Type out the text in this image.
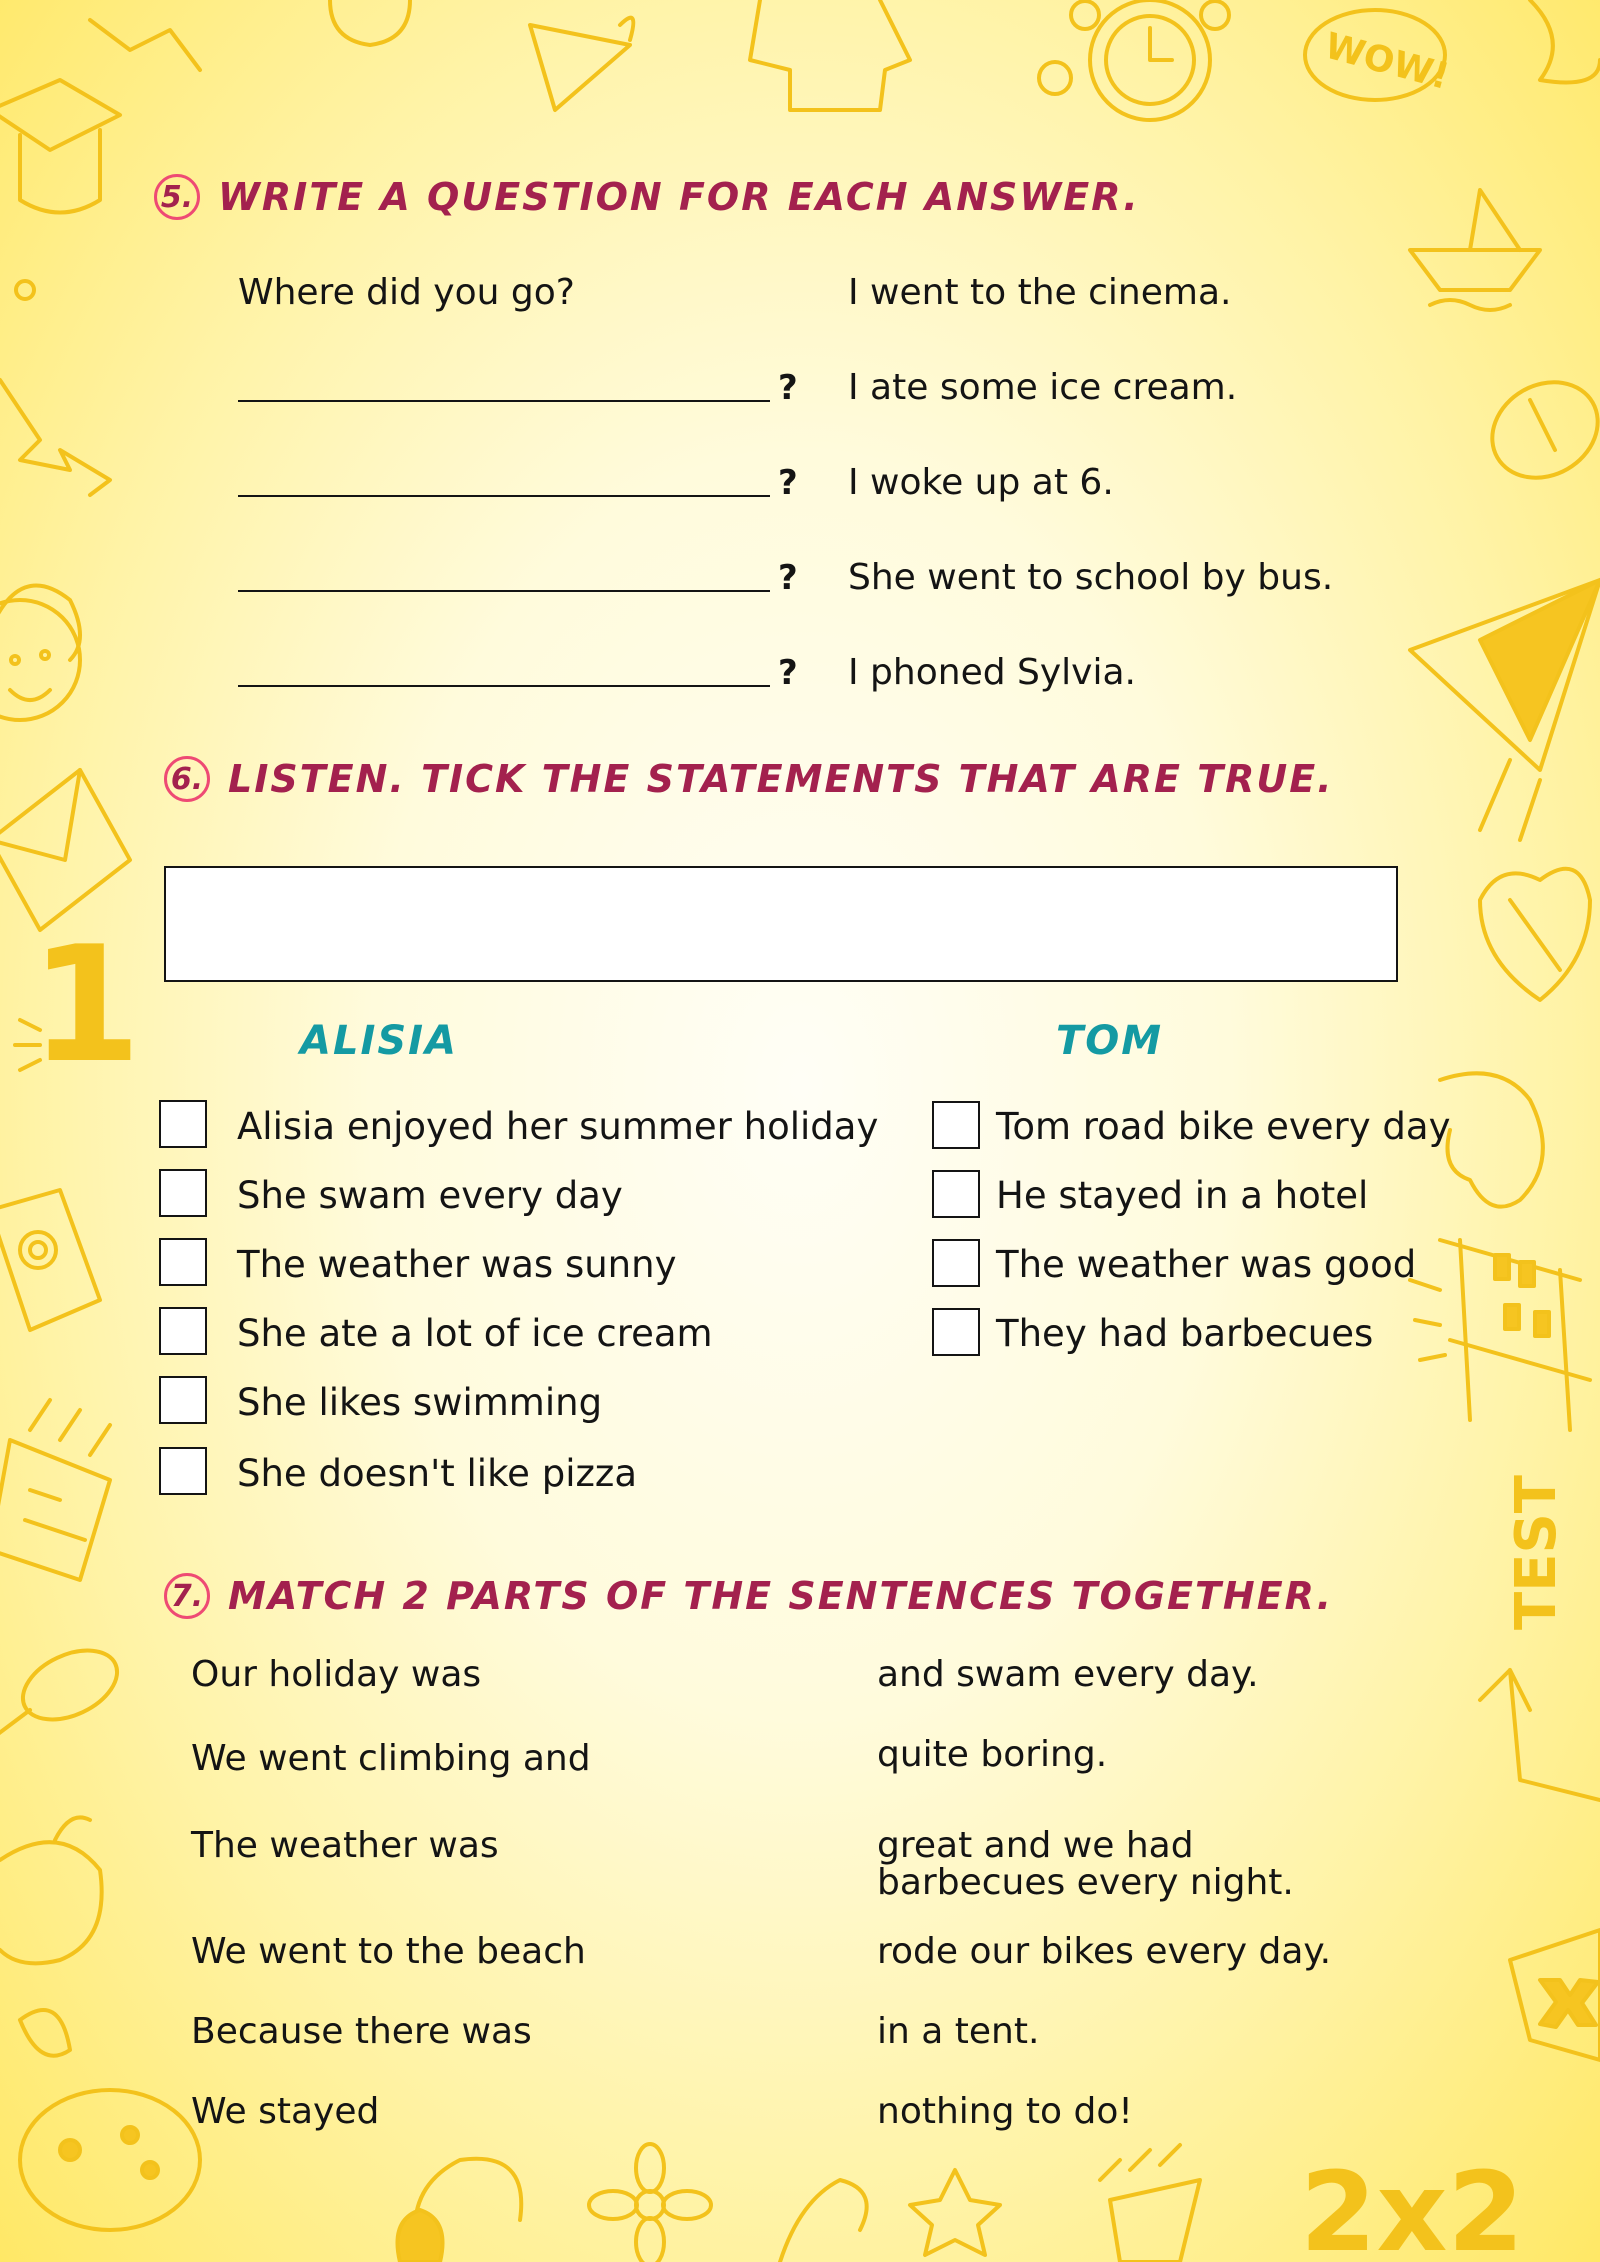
WOW!
1
2x2
TEST
5. WRITE A QUESTION FOR EACH ANSWER.
Where did you go?	I went to the cinema.
? I ate some ice cream.
? I woke up at 6.
? She went to school by bus.
? I phoned Sylvia.
6. LISTEN. TICK THE STATEMENTS THAT ARE TRUE.
ALISIA	TOM
Alisia enjoyed her summer holiday
She swam every day
The weather was sunny
She ate a lot of ice cream
She likes swimming
She doesn't like pizza
Tom road bike every day
He stayed in a hotel
The weather was good
They had barbecues
7. MATCH 2 PARTS OF THE SENTENCES TOGETHER.
Our holiday was
We went climbing and
The weather was
We went to the beach
Because there was
We stayed
and swam every day.
quite boring.
great and we had
barbecues every night.
rode our bikes every day.
in a tent.
nothing to do!
